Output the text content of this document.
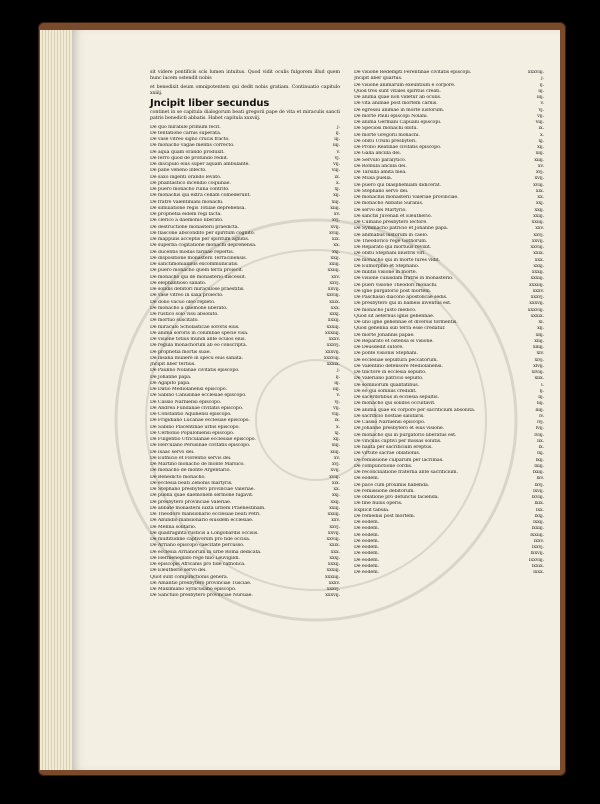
sit videre pontificis scis lumen intuitus. Quod vidit oculis fulgorem illud quem hunc lucem ostendit nobis

et benedixit deum omnipotentem qui dedit nobis gratiam. Continuatio capitulo xxiiij.

Jncipit liber secundus

continet in se capitula dialogorum beati gregorii pape de vita et miraculis sancti patris benedicti abbatis. Habet capitula xxxviij.

De quo mirabile primum fecit.	j.
De tentatione carnis superata.	ij.
De vase vitreo signo crucis fracto.	iij.
De monacho vagae mentis correcto.	iiij.
De aqua quam orando produxit.	v.
De ferro quod de profundo rediit.	vj.
De discipulo eius super aquam ambulante.	vij.
De pane veneno infecto.	viij.
De saxo ingenti orando levato.	ix.
De phantastico incendio coquinae.	x.
De puero monacho ruina contrito.	xj.
De monachis qui extra cellam comederunt.	xij.
De fratre Valentiniani monachi.	xiij.
De simulatione regis Totilae deprehensa.	xiiij.
De prophetia eidem regi facta.	xv.
De clerico a daemonio liberato.	xvj.
De destructione monasterii praedicta.	xvij.
De flascone abscondito per spiritum cognito.	xviij.
De mappulis acceptis per spiritum agnitis.	xix.
De superba cogitatione monachi deprehensa.	xx.
De ducentis modiis farinae repertis.	xxj.
De dispositione monasterii Terracinensis.	xxij.
De sanctimonialibus excommunicatis.	xxiij.
De puero monacho quem terra proiecit.	xxiiij.
De monacho qui de monasterio discessit.	xxv.
De elephantioso sanato.	xxvj.
De solidis debitori miraculose praestitis.	xxvij.
De vase vitreo in saxa proiecto.	xxviij.
De dolio vacuo oleo repleto.	xxix.
De monacho a daemone liberato.	xxx.
De rustico solo visu absoluto.	xxxj.
De mortuo suscitato.	xxxij.
De miraculo Scholasticae sororis eius.	xxxiij.
De anima sororis in columbae specie visa.	xxxiiij.
De visione totius mundi ante oculos eius.	xxxv.
De regula monachorum ab eo conscripta.	xxxvj.
De prophetia mortis suae.	xxxvij.
De insana muliere in specu eius sanata.	xxxviij.
Jncipit liber tertius.	xxxix.
De Paulino Nolanae civitatis episcopo.	j.
De Johanne papa.	ij.
De Agapito papa.	iij.
De Datio Mediolanensi episcopo.	iiij.
De Sabino Canusinae ecclesiae episcopo.	v.
De Cassio Narniensi episcopo.	vj.
De Andrea Fundanae civitatis episcopo.	vij.
De Constantio Aquinensi episcopo.	viij.
De Frigidiano Lucanae ecclesiae episcopo.	ix.
De Sabino Placentinae urbis episcopo.	x.
De Cerbonio Populoniensi episcopo.	xj.
De Fulgentio Utriculanae ecclesiae episcopo.	xij.
De Herculano Perusinae civitatis episcopo.	xiij.
De Isaac servo dei.	xiiij.
De Euthicio et Florentio servis dei.	xv.
De Martino monacho de monte Marsico.	xvj.
De monacho de monte Argentario.	xvij.
De Benedicto monacho.	xviij.
De ecclesia beati Zenonis martyris.	xix.
De Stephano presbytero provinciae Valeriae.	xx.
De puella quae daemonem sermone fugavit.	xxj.
De presbytero provinciae Valeriae.	xxij.
De abbate monasterii iuxta urbem Praenestinam.	xxiij.
De Theodoro mansionario ecclesiae beati Petri.	xxiiij.
De Abundio mansionario eiusdem ecclesiae.	xxv.
De Menna solitario.	xxvj.
De quadraginta rusticis a Longobardis occisis.	xxvij.
De multitudine captivorum pro fide occisa.	xxviij.
De Arriano episcopo caecitate percusso.	xxix.
De ecclesia Arrianorum in urbe Roma dedicata.	xxx.
De Hermenegildo rege filio Leuvigildi.	xxxj.
De episcopis Africanis pro fide catholica.	xxxij.
De Eleutherio servo dei.	xxxiij.
Quot sunt compunctionis genera.	xxxiiij.
De Amantio presbytero provinciae Tusciae.	xxxv.
De Maximiano Syracusano episcopo.	xxxvj.
De Sanctulo presbytero provinciae Nursiae.	xxxvij.
De visione Redempti Ferentinae civitatis episcopi.	xxxviij.
Jncipit liber quartus.	j.
De visione animarum exeuntium e corpore.	ij.
Quod tres sunt vitales spiritus creati.	iij.
De anima quae non videtur ab oculis.	iiij.
De vita animae post mortem carnis.	v.
De egressu animae in morte iustorum.	vj.
De morte Pauli episcopi Nolani.	vij.
De anima Germani Capuani episcopi.	viij.
De Speciosi monachi obitu.	ix.
De morte Gregorii monachi.	x.
De obitu Ursini presbyteri.	xj.
De Probo Reatinae civitatis episcopo.	xij.
De Galla ancilla dei.	xiij.
De Servulo paralytico.	xiiij.
De Romula ancilla dei.	xv.
De Tarsilla amita mea.	xvj.
De Musa puella.	xvij.
De puero qui blasphemiam didicerat.	xviij.
De Stephano servo dei.	xix.
De monachis monasterii Valeriae provinciae.	xx.
De monacho Abbatis Suranis.	xxj.
De servo dei Martyrio.	xxij.
De sanctis Juvenali et Eleutherio.	xxiij.
De Cumano presbytero lectore.	xxiiij.
De Symmacho patricio et Johanne papa.	xxv.
De animabus iustorum in caelo.	xxvj.
De Theodorico rege Gothorum.	xxvij.
De Reparato qui mortuus revixit.	xxviij.
De obitu Stephani illustris viri.	xxix.
De monacho qui in morte fures vidit.	xxx.
De Eumorphio et Stephano.	xxxj.
De militis visione in morte.	xxxij.
De visione cuiusdam fratris in monasterio.	xxxiij.
De pueri visione Theodori monachi.	xxxiiij.
De igne purgatorio post mortem.	xxxv.
De Paschasio diacono apostolicae sedis.	xxxvj.
De presbytero qui in balneis inventus est.	xxxvij.
De monacho Justo medico.	xxxviij.
Quod sit aeternus ignis gehennae.	xxxix.
De uno igne gehennae et diversis tormentis.	xl.
Quod gehenna sub terra esse credatur.	xlj.
De morte Johannis papae.	xlij.
De Reparato et ostensa ei visione.	xliij.
De Deusdedit sutore.	xliiij.
De ponte visionis Stephani.	xlv.
De ecclesiae sepultura peccatorum.	xlvj.
De Valentino defensore Mediolanensi.	xlvij.
De tinctore in ecclesia sepulto.	xlviij.
De Valeriano patricio sepulto.	xlix.
De somniorum qualitatibus.	l.
De eo qui somniis credidit.	lj.
De sacerdotibus in ecclesia sepultis.	lij.
De monacho qui solidos occultavit.	liij.
De anima quae ex corpore per sacrificium absoluta.	liiij.
De sacrificio hostiae salutaris.	lv.
De Cassio Narniensi episcopo.	lvj.
De Johanne presbytero et eius visione.	lvij.
De monacho qui in purgatorio liberatus est.	lviij.
De vinculis captivi per missas solutis.	lix.
De nauta per sacrificium ereptus.	lx.
De virtute sacrae oblationis.	lxj.
De remissione culparum per lacrimas.	lxij.
De compunctione cordis.	lxiij.
De reconciliatione fraterna ante sacrificium.	lxiiij.
De eodem.	lxv.
De pace cum proximis habenda.	lxvj.
De remissione debitorum.	lxvij.
De oblatione pro defunctis facienda.	lxviij.
De fine huius operis.	lxix.
Explicit tabula.	lxx.
De remediis post mortem.	lxxj.
De eodem.	lxxij.
De eodem.	lxxiij.
De eodem.	lxxiiij.
De eodem.	lxxv.
De eodem.	lxxvj.
De eodem.	lxxvij.
De eodem.	lxxviij.
De eodem.	lxxix.
De eodem.	lxxx.
